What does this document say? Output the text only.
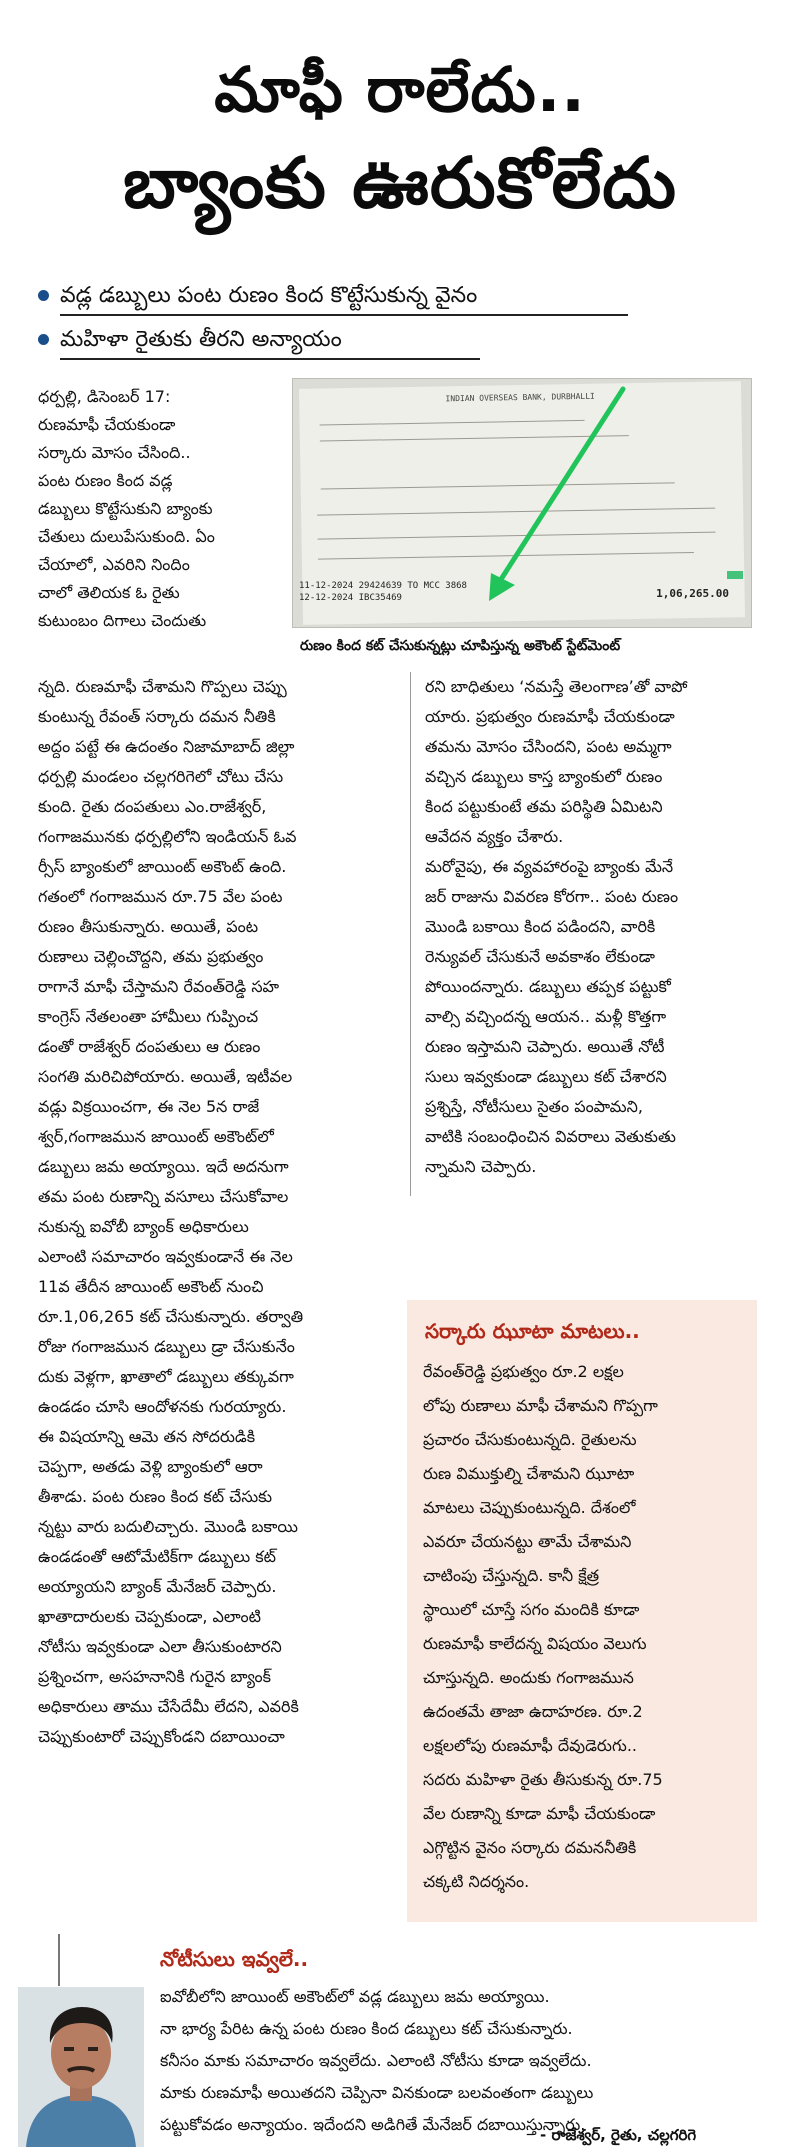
మాఫీ రాలేదు..
బ్యాంకు ఊరుకోలేదు
వడ్ల డబ్బులు పంట రుణం కింద కొట్టేసుకున్న వైనం
మహిళా రైతుకు తీరని అన్యాయం
INDIAN OVERSEAS BANK, DURBHALLI
11-12-2024 29424639 TO MCC 3868
12-12-2024 IBC35469	1,06,265.00
రుణం కింద కట్ చేసుకున్నట్లు చూపిస్తున్న అకౌంట్ స్టేట్‌మెంట్
ధర్పల్లి, డిసెంబర్ 17:
రుణమాఫీ చేయకుండా
సర్కారు మోసం చేసింది..
పంట రుణం కింద వడ్ల
డబ్బులు కొట్టేసుకుని బ్యాంకు
చేతులు దులుపేసుకుంది. ఏం
చేయాలో, ఎవరిని నిందిం
చాలో తెలియక ఓ రైతు
కుటుంబం దిగాలు చెందుతు
న్నది. రుణమాఫీ చేశామని గొప్పలు చెప్పు
కుంటున్న రేవంత్ సర్కారు దమన నీతికి
అద్దం పట్టే ఈ ఉదంతం నిజామాబాద్ జిల్లా
ధర్పల్లి మండలం చల్లగరిగెలో చోటు చేసు
కుంది. రైతు దంపతులు ఎం.రాజేశ్వర్,
గంగాజమునకు ధర్పల్లిలోని ఇండియన్ ఓవ
ర్సీస్ బ్యాంకులో జాయింట్ అకౌంట్ ఉంది.
గతంలో గంగాజమున రూ.75 వేల పంట
రుణం తీసుకున్నారు. అయితే, పంట
రుణాలు చెల్లించొద్దని, తమ ప్రభుత్వం
రాగానే మాఫీ చేస్తామని రేవంత్‌రెడ్డి సహ
కాంగ్రెస్ నేతలంతా హామీలు గుప్పించ
డంతో రాజేశ్వర్ దంపతులు ఆ రుణం
సంగతి మరిచిపోయారు. అయితే, ఇటీవల
వడ్లు విక్రయించగా, ఈ నెల 5న రాజే
శ్వర్,గంగాజమున జాయింట్ అకౌంట్‌లో
డబ్బులు జమ అయ్యాయి. ఇదే అదనుగా
తమ పంట రుణాన్ని వసూలు చేసుకోవాల
నుకున్న ఐవోబీ బ్యాంక్ అధికారులు
ఎలాంటి సమాచారం ఇవ్వకుండానే ఈ నెల
11వ తేదీన జాయింట్ అకౌంట్ నుంచి
రూ.1,06,265 కట్ చేసుకున్నారు. తర్వాతి
రోజు గంగాజమున డబ్బులు డ్రా చేసుకునేం
దుకు వెళ్లగా, ఖాతాలో డబ్బులు తక్కువగా
ఉండడం చూసి ఆందోళనకు గురయ్యారు.
ఈ విషయాన్ని ఆమె తన సోదరుడికి
చెప్పగా, అతడు వెళ్లి బ్యాంకులో ఆరా
తీశాడు. పంట రుణం కింద కట్ చేసుకు
న్నట్టు వారు బదులిచ్చారు. మొండి బకాయి
ఉండడంతో ఆటోమేటిక్‌గా డబ్బులు కట్
అయ్యాయని బ్యాంక్ మేనేజర్ చెప్పారు.
ఖాతాదారులకు చెప్పకుండా, ఎలాంటి
నోటీసు ఇవ్వకుండా ఎలా తీసుకుంటారని
ప్రశ్నించగా, అసహనానికి గురైన బ్యాంక్
అధికారులు తాము చేసేదేమీ లేదని, ఎవరికి
చెప్పుకుంటారో చెప్పుకోండని దబాయించా
రని బాధితులు ‘నమస్తే తెలంగాణ’తో వాపో
యారు. ప్రభుత్వం రుణమాఫీ చేయకుండా
తమను మోసం చేసిందని, పంట అమ్మగా
వచ్చిన డబ్బులు కాస్త బ్యాంకులో రుణం
కింద పట్టుకుంటే తమ పరిస్థితి ఏమిటని
ఆవేదన వ్యక్తం చేశారు.
మరోవైపు, ఈ వ్యవహారంపై బ్యాంకు మేనే
జర్ రాజును వివరణ కోరగా.. పంట రుణం
మొండి బకాయి కింద పడిందని, వారికి
రెన్యువల్ చేసుకునే అవకాశం లేకుండా
పోయిందన్నారు. డబ్బులు తప్పక పట్టుకో
వాల్సి వచ్చిందన్న ఆయన.. మళ్లీ కొత్తగా
రుణం ఇస్తామని చెప్పారు. అయితే నోటీ
సులు ఇవ్వకుండా డబ్బులు కట్ చేశారని
ప్రశ్నిస్తే, నోటీసులు సైతం పంపామని,
వాటికి సంబంధించిన వివరాలు వెతుకుతు
న్నామని చెప్పారు.
సర్కారు ఝూటా మాటలు..
రేవంత్‌రెడ్డి ప్రభుత్వం రూ.2 లక్షల
లోపు రుణాలు మాఫీ చేశామని గొప్పగా
ప్రచారం చేసుకుంటున్నది. రైతులను
రుణ విముక్తుల్ని చేశామని ఝూటా
మాటలు చెప్పుకుంటున్నది. దేశంలో
ఎవరూ చేయనట్టు తామే చేశామని
చాటింపు చేస్తున్నది. కానీ క్షేత్ర
స్థాయిలో చూస్తే సగం మందికి కూడా
రుణమాఫీ కాలేదన్న విషయం వెలుగు
చూస్తున్నది. అందుకు గంగాజమున
ఉదంతమే తాజా ఉదాహరణ. రూ.2
లక్షలలోపు రుణమాఫీ దేవుడెరుగు..
సదరు మహిళా రైతు తీసుకున్న రూ.75
వేల రుణాన్ని కూడా మాఫీ చేయకుండా
ఎగ్గొట్టిన వైనం సర్కారు దమననీతికి
చక్కటి నిదర్శనం.
నోటీసులు ఇవ్వలే..
ఐవోబీలోని జాయింట్ అకౌంట్‌లో వడ్ల డబ్బులు జమ అయ్యాయి.
నా భార్య పేరిట ఉన్న పంట రుణం కింద డబ్బులు కట్ చేసుకున్నారు.
కనీసం మాకు సమాచారం ఇవ్వలేదు. ఎలాంటి నోటీసు కూడా ఇవ్వలేదు.
మాకు రుణమాఫీ అయితదని చెప్పినా వినకుండా బలవంతంగా డబ్బులు
పట్టుకోవడం అన్యాయం. ఇదేందని అడిగితే మేనేజర్ దబాయిస్తున్నారు.
- రాజేశ్వర్, రైతు, చల్లగరిగె
